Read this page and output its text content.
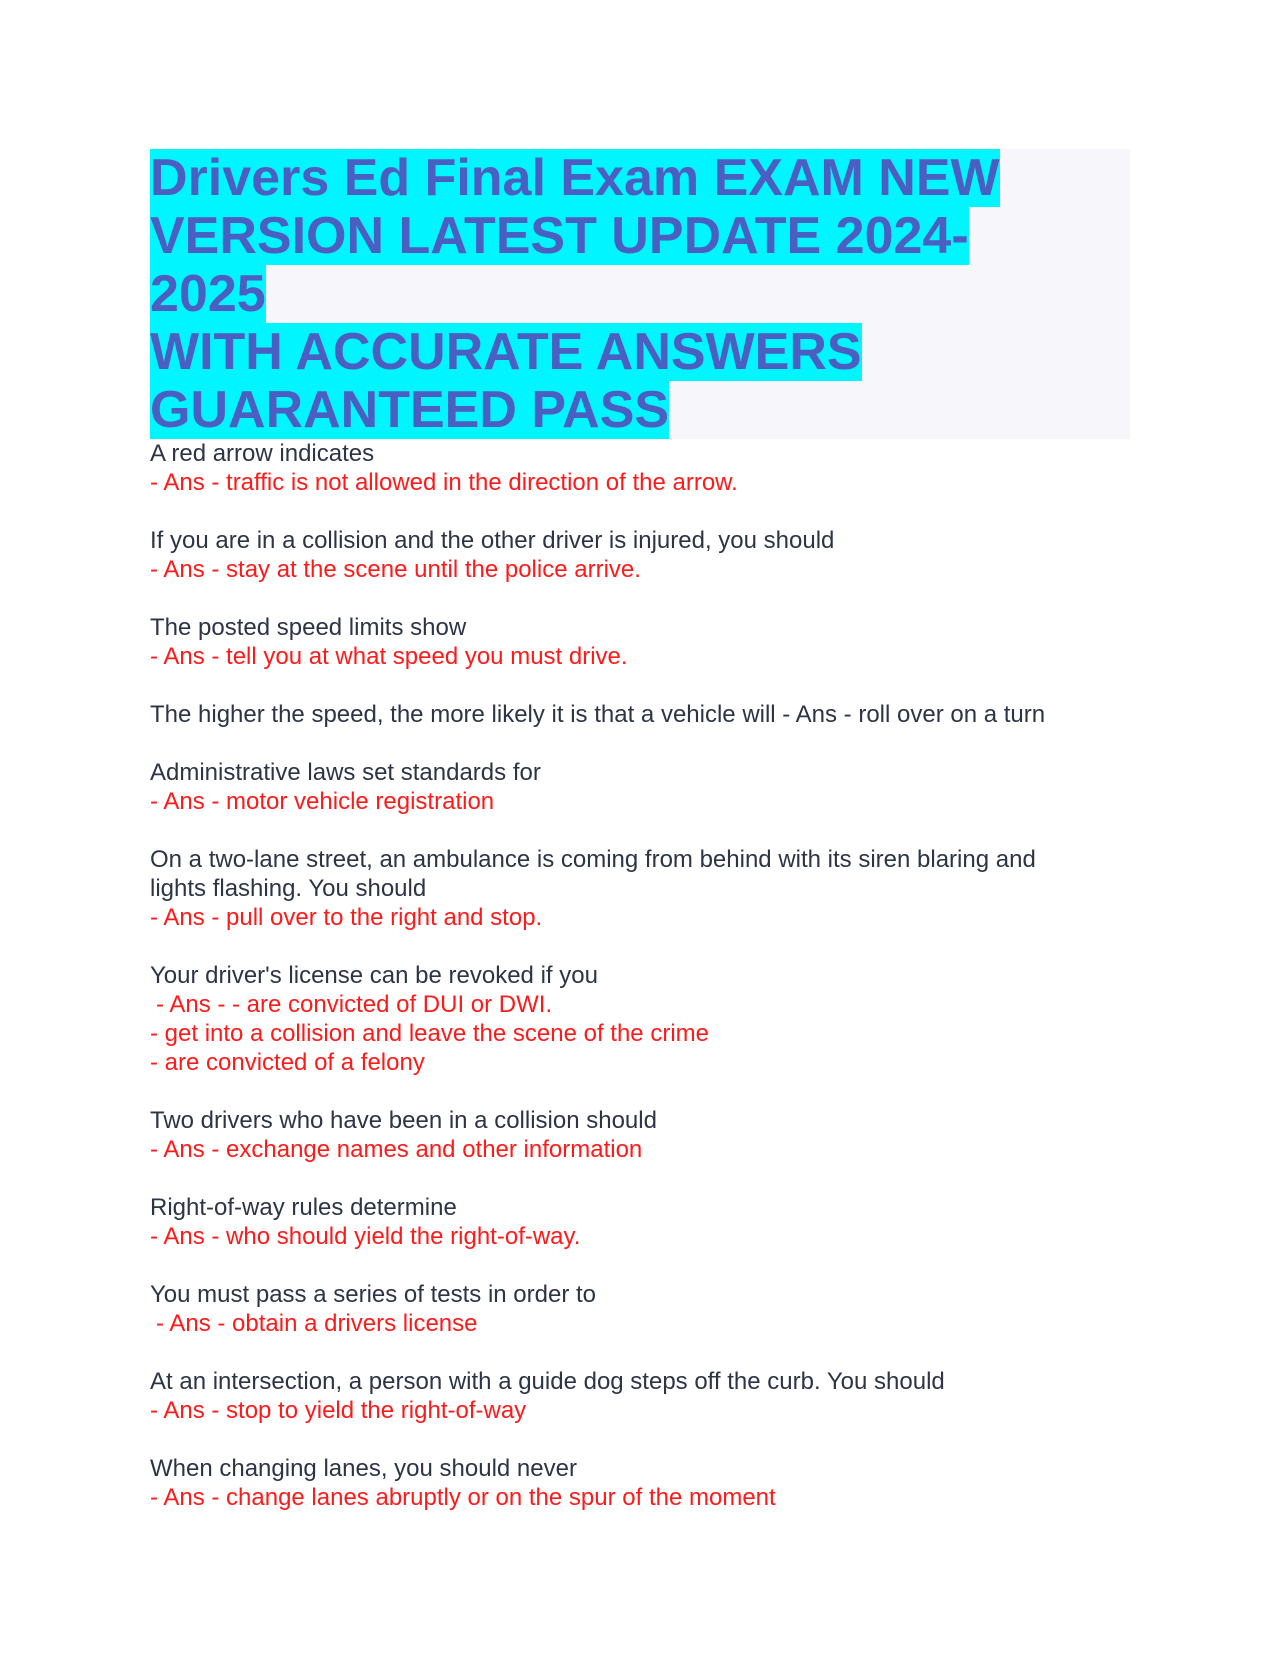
Drivers Ed Final Exam EXAM NEW
VERSION LATEST UPDATE 2024-2025
WITH ACCURATE ANSWERS
GUARANTEED PASS
A red arrow indicates
- Ans - traffic is not allowed in the direction of the arrow.
If you are in a collision and the other driver is injured, you should
- Ans - stay at the scene until the police arrive.
The posted speed limits show
- Ans - tell you at what speed you must drive.
The higher the speed, the more likely it is that a vehicle will - Ans - roll over on a turn
Administrative laws set standards for
- Ans - motor vehicle registration
On a two-lane street, an ambulance is coming from behind with its siren blaring and
lights flashing. You should
- Ans - pull over to the right and stop.
Your driver's license can be revoked if you
- Ans - - are convicted of DUI or DWI.
- get into a collision and leave the scene of the crime
- are convicted of a felony
Two drivers who have been in a collision should
- Ans - exchange names and other information
Right-of-way rules determine
- Ans - who should yield the right-of-way.
You must pass a series of tests in order to
- Ans - obtain a drivers license
At an intersection, a person with a guide dog steps off the curb. You should
- Ans - stop to yield the right-of-way
When changing lanes, you should never
- Ans - change lanes abruptly or on the spur of the moment
